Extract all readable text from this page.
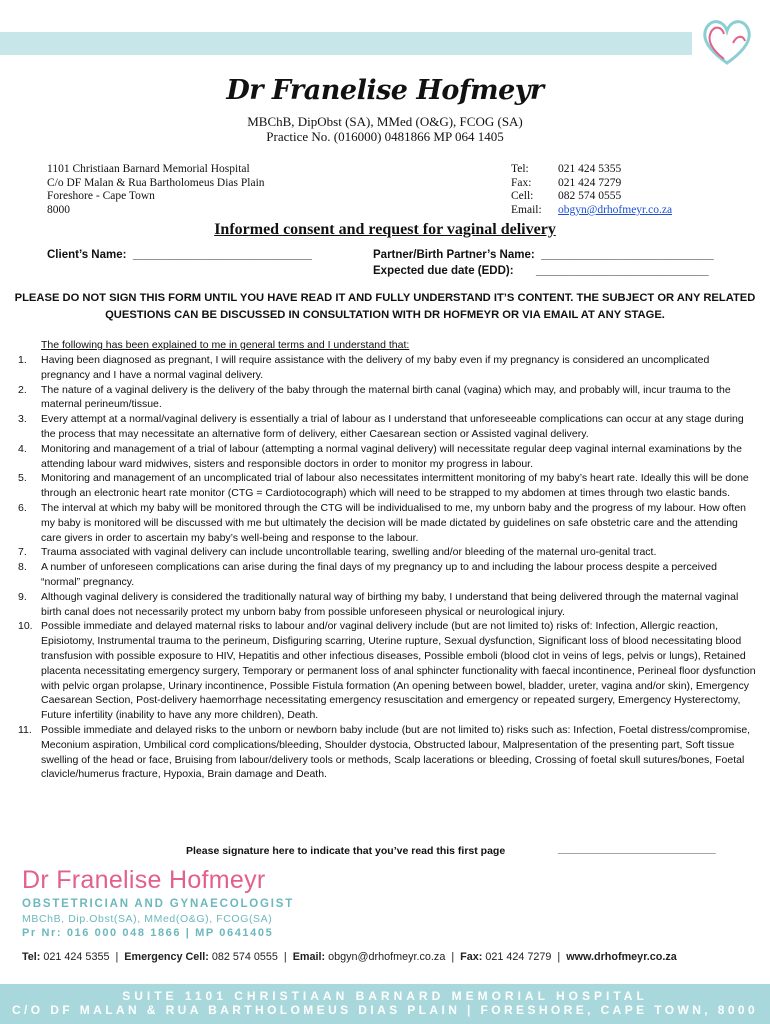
Dr Franelise Hofmeyr
MBChB, DipObst (SA), MMed (O&G), FCOG (SA)
Practice No. (016000) 0481866 MP 064 1405
1101 Christiaan Barnard Memorial Hospital
C/o DF Malan & Rua Bartholomeus Dias Plain
Foreshore - Cape Town
8000
Tel:	021 424 5355
Fax:	021 424 7279
Cell:	082 574 0555
Email:	obgyn@drhofmeyr.co.za
Informed consent and request for vaginal delivery
Client’s Name:  ____________________________	Partner/Birth Partner’s Name:  ___________________________
Expected due date (EDD):       ___________________________
PLEASE DO NOT SIGN THIS FORM UNTIL YOU HAVE READ IT AND FULLY UNDERSTAND IT’S CONTENT. THE SUBJECT OR ANY RELATED QUESTIONS CAN BE DISCUSSED IN CONSULTATION WITH DR HOFMEYR OR VIA EMAIL AT ANY STAGE.
The following has been explained to me in general terms and I understand that:
1.	Having been diagnosed as pregnant, I will require assistance with the delivery of my baby even if my pregnancy is considered an uncomplicated pregnancy and I have a normal vaginal delivery.
2.	The nature of a vaginal delivery is the delivery of the baby through the maternal birth canal (vagina) which may, and probably will, incur trauma to the maternal perineum/tissue.
3.	Every attempt at a normal/vaginal delivery is essentially a trial of labour as I understand that unforeseeable complications can occur at any stage during the process that may necessitate an alternative form of delivery, either Caesarean section or Assisted vaginal delivery.
4.	Monitoring and management of a trial of labour (attempting a normal vaginal delivery) will necessitate regular deep vaginal internal examinations by the attending labour ward midwives, sisters and responsible doctors in order to monitor my progress in labour.
5.	Monitoring and management of an uncomplicated trial of labour also necessitates intermittent monitoring of my baby’s heart rate. Ideally this will be done through an electronic heart rate monitor (CTG = Cardiotocograph) which will need to be strapped to my abdomen at times through two elastic bands.
6.	The interval at which my baby will be monitored through the CTG will be individualised to me, my unborn baby and the progress of my labour. How often my baby is monitored will be discussed with me but ultimately the decision will be made dictated by guidelines on safe obstetric care and the attending care givers in order to ascertain my baby’s well-being and response to the labour.
7.	Trauma associated with vaginal delivery can include uncontrollable tearing, swelling and/or bleeding of the maternal uro-genital tract.
8.	A number of unforeseen complications can arise during the final days of my pregnancy up to and including the labour process despite a perceived “normal” pregnancy.
9.	Although vaginal delivery is considered the traditionally natural way of birthing my baby, I understand that being delivered through the maternal vaginal birth canal does not necessarily protect my unborn baby from possible unforeseen physical or neurological injury.
10. Possible immediate and delayed maternal risks to labour and/or vaginal delivery include (but are not limited to) risks of: Infection, Allergic reaction, Episiotomy, Instrumental trauma to the perineum, Disfiguring scarring, Uterine rupture, Sexual dysfunction, Significant loss of blood necessitating blood transfusion with possible exposure to HIV, Hepatitis and other infectious diseases, Possible emboli (blood clot in veins of legs, pelvis or lungs), Retained placenta necessitating emergency surgery, Temporary or permanent loss of anal sphincter functionality with faecal incontinence, Perineal floor dysfunction with pelvic organ prolapse, Urinary incontinence, Possible Fistula formation (An opening between bowel, bladder, ureter, vagina and/or skin), Emergency Caesarean Section, Post-delivery haemorrhage necessitating emergency resuscitation and emergency or repeated surgery, Emergency Hysterectomy, Future infertility (inability to have any more children), Death.
11. Possible immediate and delayed risks to the unborn or newborn baby include (but are not limited to) risks such as: Infection, Foetal distress/compromise, Meconium aspiration, Umbilical cord complications/bleeding, Shoulder dystocia, Obstructed labour, Malpresentation of the presenting part, Soft tissue swelling of the head or face, Bruising from labour/delivery tools or methods, Scalp lacerations or bleeding, Crossing of foetal skull sutures/bones, Foetal clavicle/humerus fracture, Hypoxia, Brain damage and Death.
Please signature here to indicate that you’ve read this first page	___________________________
Dr Franelise Hofmeyr
OBSTETRICIAN AND GYNAECOLOGIST
MBChB, Dip.Obst(SA), MMed(O&G), FCOG(SA)
Pr Nr: 016 000 048 1866 | MP 0641405
Tel: 021 424 5355  |  Emergency Cell: 082 574 0555  |  Email: obgyn@drhofmeyr.co.za  |  Fax: 021 424 7279  |  www.drhofmeyr.co.za
SUITE 1101 CHRISTIAAN BARNARD MEMORIAL HOSPITAL
C/O DF MALAN & RUA BARTHOLOMEUS DIAS PLAIN | FORESHORE, CAPE TOWN, 8000
